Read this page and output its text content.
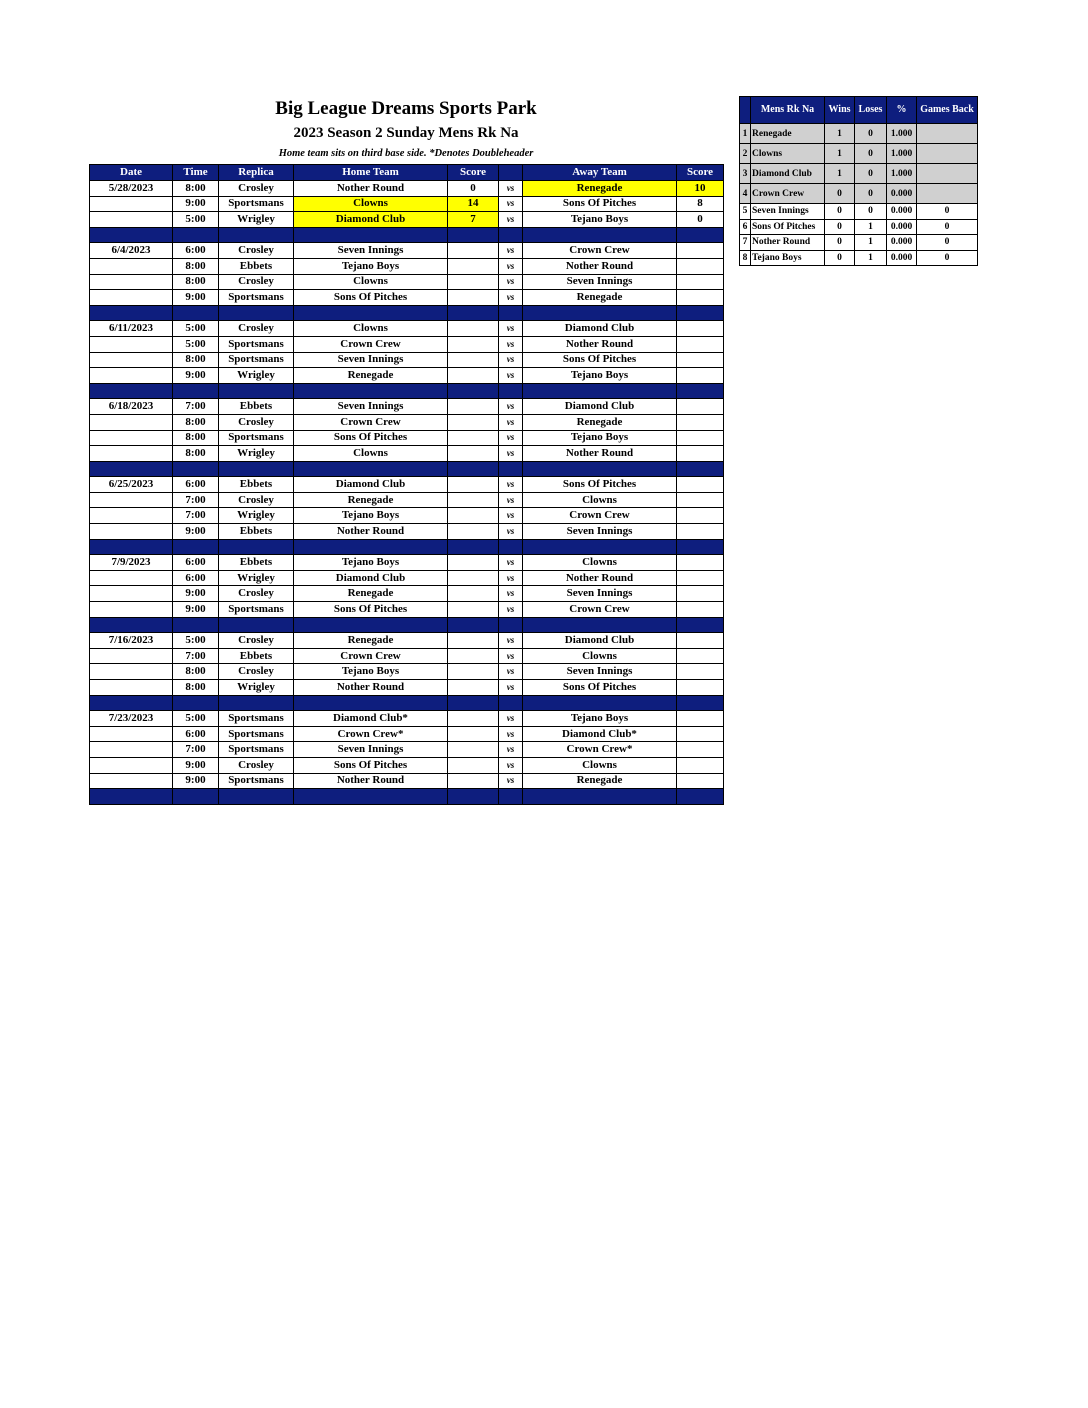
Big League Dreams Sports Park
2023 Season 2 Sunday Mens Rk Na
Home team sits on third base side. *Denotes Doubleheader
Date	Time	Replica	Home Team	Score		Away Team	Score
5/28/2023	8:00	Crosley	Nother Round	0	vs	Renegade	10
	9:00	Sportsmans	Clowns	14	vs	Sons Of Pitches	8
	5:00	Wrigley	Diamond Club	7	vs	Tejano Boys	0

6/4/2023	6:00	Crosley	Seven Innings		vs	Crown Crew	
	8:00	Ebbets	Tejano Boys		vs	Nother Round	
	8:00	Crosley	Clowns		vs	Seven Innings	
	9:00	Sportsmans	Sons Of Pitches		vs	Renegade	

6/11/2023	5:00	Crosley	Clowns		vs	Diamond Club	
	5:00	Sportsmans	Crown Crew		vs	Nother Round	
	8:00	Sportsmans	Seven Innings		vs	Sons Of Pitches	
	9:00	Wrigley	Renegade		vs	Tejano Boys	

6/18/2023	7:00	Ebbets	Seven Innings		vs	Diamond Club	
	8:00	Crosley	Crown Crew		vs	Renegade	
	8:00	Sportsmans	Sons Of Pitches		vs	Tejano Boys	
	8:00	Wrigley	Clowns		vs	Nother Round	

6/25/2023	6:00	Ebbets	Diamond Club		vs	Sons Of Pitches	
	7:00	Crosley	Renegade		vs	Clowns	
	7:00	Wrigley	Tejano Boys		vs	Crown Crew	
	9:00	Ebbets	Nother Round		vs	Seven Innings	

7/9/2023	6:00	Ebbets	Tejano Boys		vs	Clowns	
	6:00	Wrigley	Diamond Club		vs	Nother Round	
	9:00	Crosley	Renegade		vs	Seven Innings	
	9:00	Sportsmans	Sons Of Pitches		vs	Crown Crew	

7/16/2023	5:00	Crosley	Renegade		vs	Diamond Club	
	7:00	Ebbets	Crown Crew		vs	Clowns	
	8:00	Crosley	Tejano Boys		vs	Seven Innings	
	8:00	Wrigley	Nother Round		vs	Sons Of Pitches	

7/23/2023	5:00	Sportsmans	Diamond Club*		vs	Tejano Boys	
	6:00	Sportsmans	Crown Crew*		vs	Diamond Club*	
	7:00	Sportsmans	Seven Innings		vs	Crown Crew*	
	9:00	Crosley	Sons Of Pitches		vs	Clowns	
	9:00	Sportsmans	Nother Round		vs	Renegade	

	Mens Rk Na	Wins	Loses	%	Games Back
1	Renegade	1	0	1.000	
2	Clowns	1	0	1.000	
3	Diamond Club	1	0	1.000	
4	Crown Crew	0	0	0.000	
5	Seven Innings	0	0	0.000	0
6	Sons Of Pitches	0	1	0.000	0
7	Nother Round	0	1	0.000	0
8	Tejano Boys	0	1	0.000	0
